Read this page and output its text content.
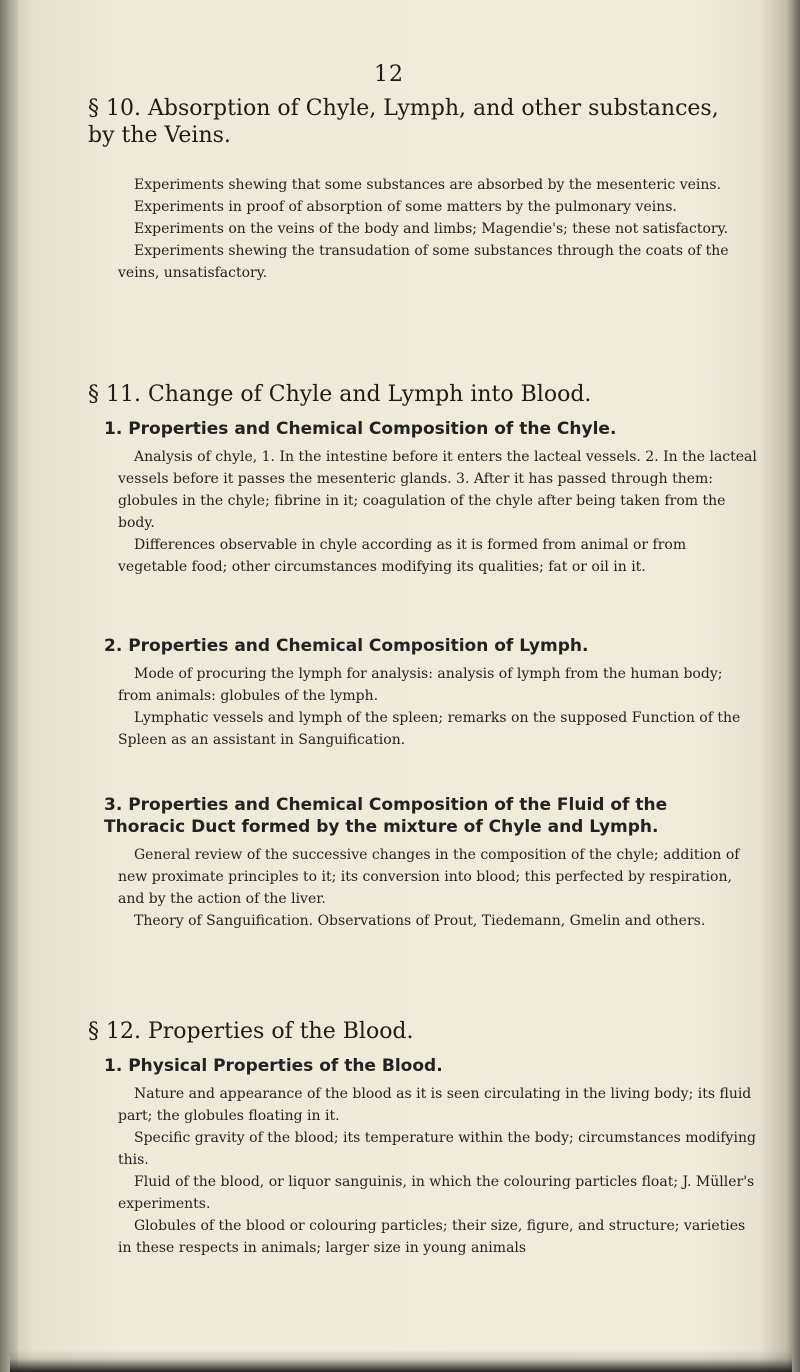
12
§ 10. Absorption of Chyle, Lymph, and other substances, by the Veins.

Experiments shewing that some substances are absorbed by the mesenteric veins.

Experiments in proof of absorption of some matters by the pulmonary veins.

Experiments on the veins of the body and limbs; Magendie's; these not satisfactory.

Experiments shewing the transudation of some substances through the coats of the veins, unsatisfactory.

§ 11. Change of Chyle and Lymph into Blood.
1. Properties and Chemical Composition of the Chyle.

Analysis of chyle, 1. In the intestine before it enters the lacteal vessels. 2. In the lacteal vessels before it passes the mesenteric glands. 3. After it has passed through them: globules in the chyle; fibrine in it; coagulation of the chyle after being taken from the body.

Differences observable in chyle according as it is formed from animal or from vegetable food; other circumstances modifying its qualities; fat or oil in it.

2. Properties and Chemical Composition of Lymph.

Mode of procuring the lymph for analysis: analysis of lymph from the human body; from animals: globules of the lymph.

Lymphatic vessels and lymph of the spleen; remarks on the supposed Function of the Spleen as an assistant in Sanguification.

3. Properties and Chemical Composition of the Fluid of the Thoracic Duct formed by the mixture of Chyle and Lymph.

General review of the successive changes in the composition of the chyle; addition of new proximate principles to it; its conversion into blood; this perfected by respiration, and by the action of the liver.

Theory of Sanguification. Observations of Prout, Tiedemann, Gmelin and others.

§ 12. Properties of the Blood.
1. Physical Properties of the Blood.

Nature and appearance of the blood as it is seen circulating in the living body; its fluid part; the globules floating in it.

Specific gravity of the blood; its temperature within the body; circumstances modifying this.

Fluid of the blood, or liquor sanguinis, in which the colouring particles float; J. Müller's experiments.

Globules of the blood or colouring particles; their size, figure, and structure; varieties in these respects in animals; larger size in young animals
